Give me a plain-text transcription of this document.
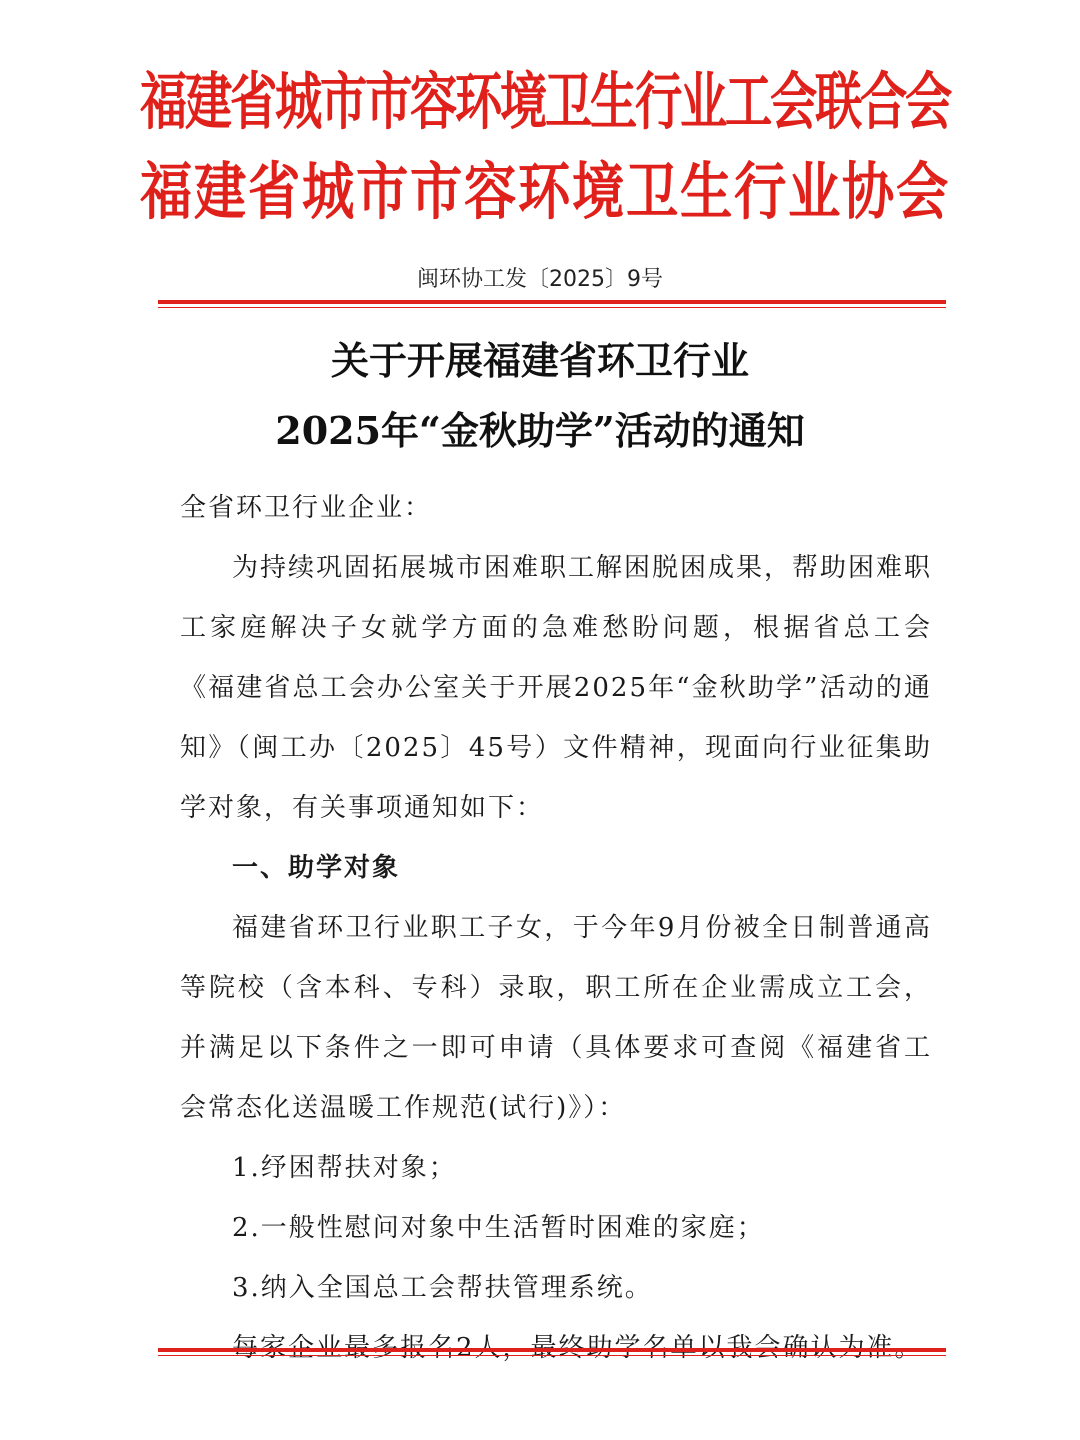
福建省城市市容环境卫生行业工会联合会
福建省城市市容环境卫生行业协会
闽环协工发〔2025〕9号
关于开展福建省环卫行业
2025年“金秋助学”活动的通知

全省环卫行业企业：

为持续巩固拓展城市困难职工解困脱困成果，帮助困难职工家庭解决子女就学方面的急难愁盼问题，根据省总工会《福建省总工会办公室关于开展2025年“金秋助学”活动的通知》（闽工办〔2025〕45号）文件精神，现面向行业征集助学对象，有关事项通知如下：

一、助学对象

福建省环卫行业职工子女，于今年9月份被全日制普通高等院校（含本科、专科）录取，职工所在企业需成立工会，并满足以下条件之一即可申请（具体要求可查阅《福建省工会常态化送温暖工作规范(试行)》）：

1.纾困帮扶对象；

2.一般性慰问对象中生活暂时困难的家庭；

3.纳入全国总工会帮扶管理系统。
